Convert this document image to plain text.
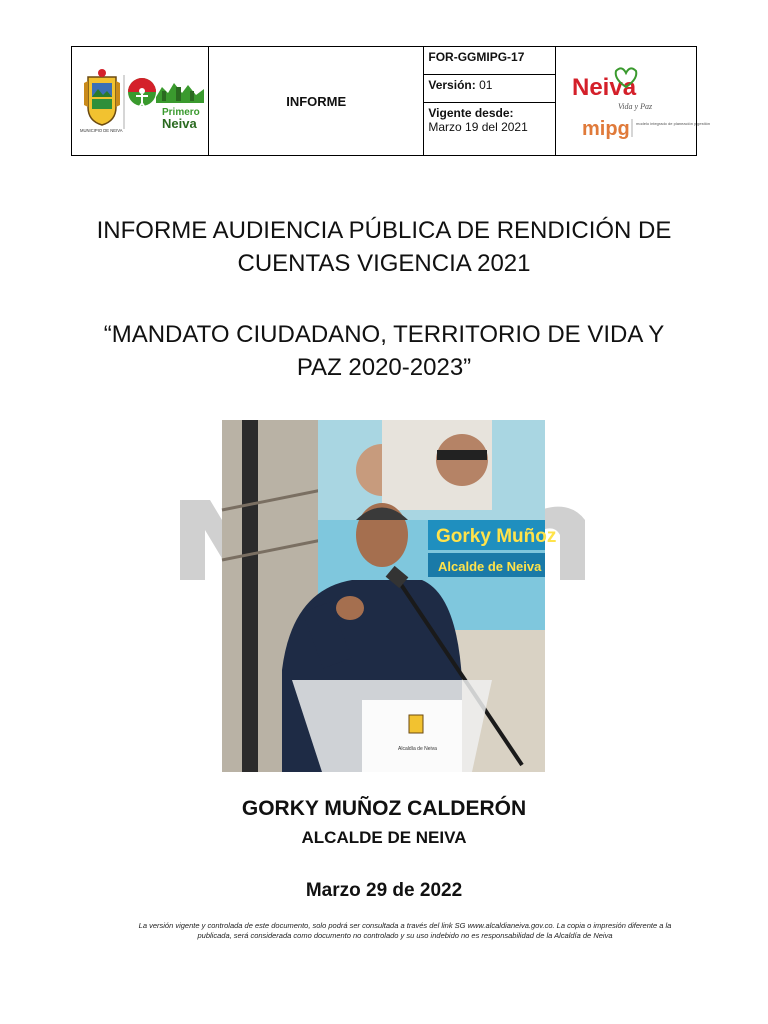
MUNICIPIO DE NEIVA
Primero
Neiva
INFORME
FOR-GGMIPG-17
Versión: 01
Vigente desde:
Marzo 19 del 2021
Neiva
Vida y Paz
mipg modelo integrado de planeación y gestión
INFORME AUDIENCIA PÚBLICA DE RENDICIÓN DE
CUENTAS VIGENCIA 2021
“MANDATO CIUDADANO, TERRITORIO DE VIDA Y
PAZ 2020-2023”
Gorky Muñoz
Alcalde de Neiva
Alcaldía de Neiva
GORKY MUÑOZ CALDERÓN
ALCALDE DE NEIVA
Marzo 29 de 2022
La versión vigente y controlada de este documento, solo podrá ser consultada a través del link SG www.alcaldianeiva.gov.co. La copia o impresión diferente a la
publicada, será considerada como documento no controlado y su uso indebido no es responsabilidad de la Alcaldía de Neiva
